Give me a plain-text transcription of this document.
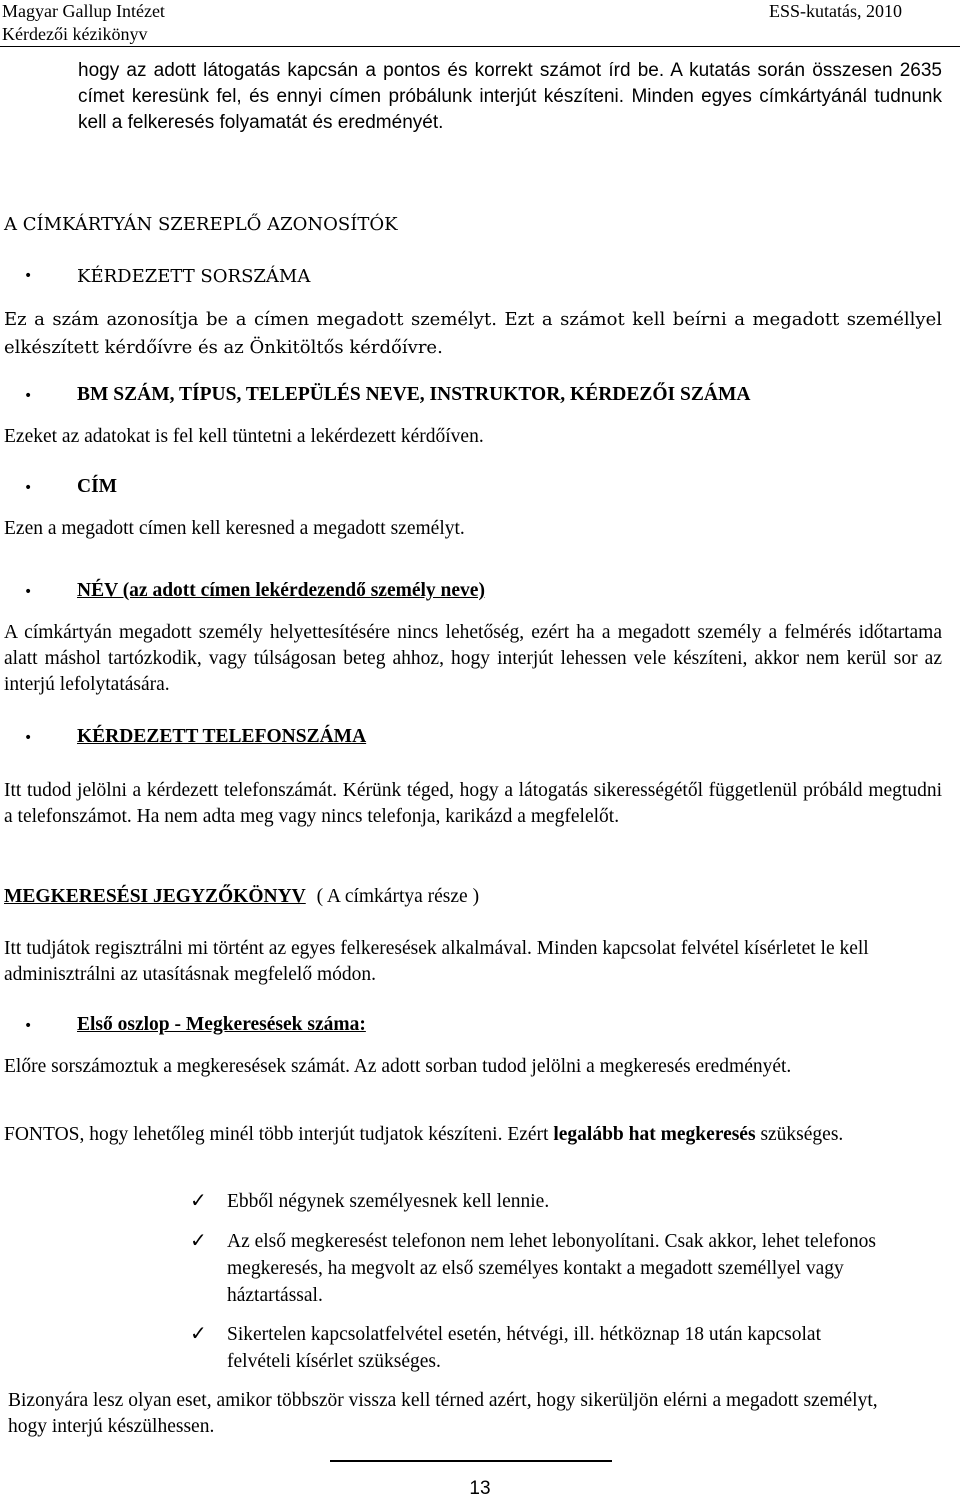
Magyar Gallup Intézet
Kérdezői kézikönyv
ESS-kutatás, 2010

hogy az adott látogatás kapcsán a pontos és korrekt számot írd be. A kutatás során összesen 2635 címet keresünk fel, és ennyi címen próbálunk interjút készíteni. Minden egyes címkártyánál tudnunk kell a felkeresés folyamatát és eredményét.

A CÍMKÁRTYÁN SZEREPLŐ AZONOSÍTÓK
• KÉRDEZETT SORSZÁMA

Ez a szám azonosítja be a címen megadott személyt. Ezt a számot kell beírni a megadott személlyel elkészített kérdőívre és az Önkitöltős kérdőívre.

• BM SZÁM, TÍPUS, TELEPÜLÉS NEVE, INSTRUKTOR, KÉRDEZŐI SZÁMA

Ezeket az adatokat is fel kell tüntetni a lekérdezett kérdőíven.

• CÍM

Ezen a megadott címen kell keresned a megadott személyt.

• NÉV (az adott címen lekérdezendő személy neve)

A címkártyán megadott személy helyettesítésére nincs lehetőség, ezért ha a megadott személy a felmérés időtartama alatt máshol tartózkodik, vagy túlságosan beteg ahhoz, hogy interjút lehessen vele készíteni, akkor nem kerül sor az interjú lefolytatására.

• KÉRDEZETT TELEFONSZÁMA

Itt tudod jelölni a kérdezett telefonszámát. Kérünk téged, hogy a látogatás sikerességétől függetlenül próbáld megtudni a telefonszámot. Ha nem adta meg vagy nincs telefonja, karikázd a megfelelőt.

MEGKERESÉSI JEGYZŐKÖNYV ( A címkártya része )

Itt tudjátok regisztrálni mi történt az egyes felkeresések alkalmával. Minden kapcsolat felvétel kísérletet le kell adminisztrálni az utasításnak megfelelő módon.

• Első oszlop - Megkeresések száma:

Előre sorszámoztuk a megkeresések számát. Az adott sorban tudod jelölni a megkeresés eredményét.

FONTOS, hogy lehetőleg minél több interjút tudjatok készíteni. Ezért legalább hat megkeresés szükséges.

✓ Ebből négynek személyesnek kell lennie.
✓ Az első megkeresést telefonon nem lehet lebonyolítani. Csak akkor, lehet telefonos megkeresés, ha megvolt az első személyes kontakt a megadott személlyel vagy háztartással.
✓ Sikertelen kapcsolatfelvétel esetén, hétvégi, ill. hétköznap 18 után kapcsolat felvételi kísérlet szükséges.

Bizonyára lesz olyan eset, amikor többször vissza kell térned azért, hogy sikerüljön elérni a megadott személyt, hogy interjú készülhessen.

13
